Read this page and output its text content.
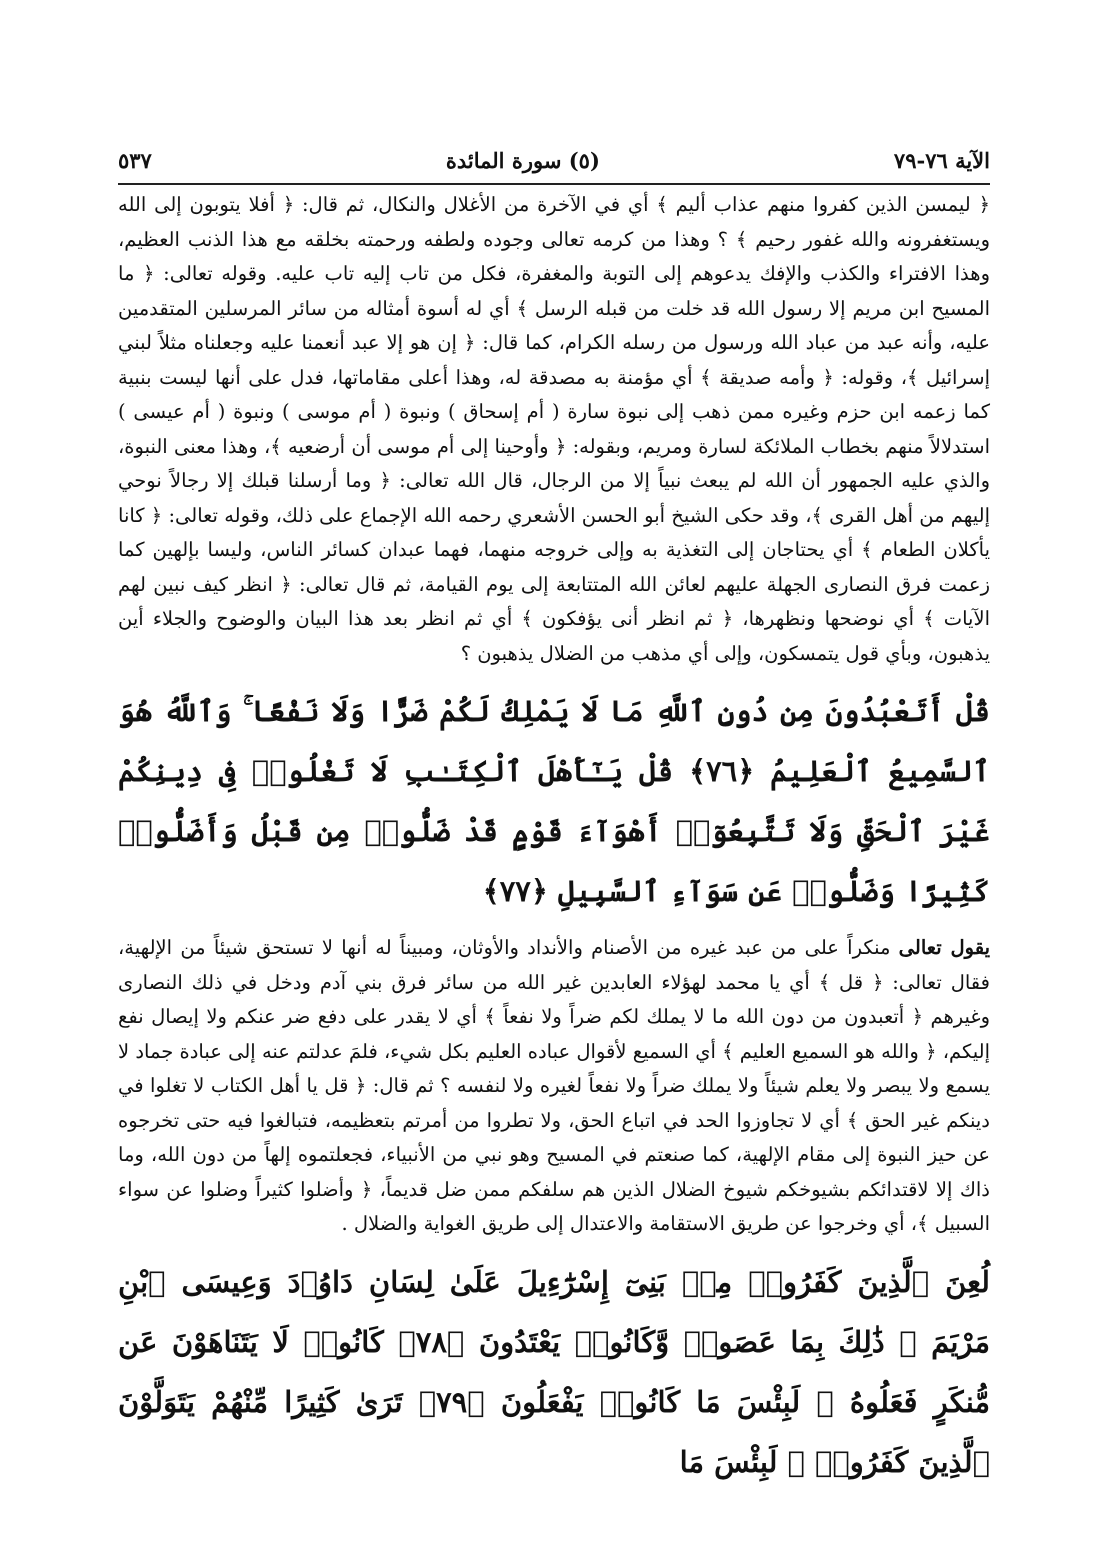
الآية ٧٦-٧٩
(٥) سورة المائدة
٥٣٧
﴿ ليمسن الذين كفروا منهم عذاب أليم ﴾ أي في الآخرة من الأغلال والنكال، ثم قال: ﴿ أفلا يتوبون إلى الله ويستغفرونه والله غفور رحيم ﴾ ؟ وهذا من كرمه تعالى وجوده ولطفه ورحمته بخلقه مع هذا الذنب العظيم، وهذا الافتراء والكذب والإفك يدعوهم إلى التوبة والمغفرة، فكل من تاب إليه تاب عليه. وقوله تعالى: ﴿ ما المسيح ابن مريم إلا رسول الله قد خلت من قبله الرسل ﴾ أي له أسوة أمثاله من سائر المرسلين المتقدمين عليه، وأنه عبد من عباد الله ورسول من رسله الكرام، كما قال: ﴿ إن هو إلا عبد أنعمنا عليه وجعلناه مثلاً لبني إسرائيل ﴾، وقوله: ﴿ وأمه صديقة ﴾ أي مؤمنة به مصدقة له، وهذا أعلى مقاماتها، فدل على أنها ليست بنبية كما زعمه ابن حزم وغيره ممن ذهب إلى نبوة سارة ( أم إسحاق ) ونبوة ( أم موسى ) ونبوة ( أم عيسى ) استدلالاً منهم بخطاب الملائكة لسارة ومريم، وبقوله: ﴿ وأوحينا إلى أم موسى أن أرضعيه ﴾، وهذا معنى النبوة، والذي عليه الجمهور أن الله لم يبعث نبياً إلا من الرجال، قال الله تعالى: ﴿ وما أرسلنا قبلك إلا رجالاً نوحي إليهم من أهل القرى ﴾، وقد حكى الشيخ أبو الحسن الأشعري رحمه الله الإجماع على ذلك، وقوله تعالى: ﴿ كانا يأكلان الطعام ﴾ أي يحتاجان إلى التغذية به وإلى خروجه منهما، فهما عبدان كسائر الناس، وليسا بإلهين كما زعمت فرق النصارى الجهلة عليهم لعائن الله المتتابعة إلى يوم القيامة، ثم قال تعالى: ﴿ انظر كيف نبين لهم الآيات ﴾ أي نوضحها ونظهرها، ﴿ ثم انظر أنى يؤفكون ﴾ أي ثم انظر بعد هذا البيان والوضوح والجلاء أين يذهبون، وبأي قول يتمسكون، وإلى أي مذهب من الضلال يذهبون ؟
قُلْ أَتَعْبُدُونَ مِن دُونِ ٱللَّهِ مَا لَا يَمْلِكُ لَكُمْ ضَرًّا وَلَا نَفْعًا ۚ وَٱللَّهُ هُوَ ٱلسَّمِيعُ ٱلْعَلِيمُ ﴿٧٦﴾ قُلْ يَـٰٓأَهْلَ ٱلْكِتَـٰبِ لَا تَغْلُوا۟ فِى دِينِكُمْ غَيْرَ ٱلْحَقِّ وَلَا تَتَّبِعُوٓا۟ أَهْوَآءَ قَوْمٍ قَدْ ضَلُّوا۟ مِن قَبْلُ وَأَضَلُّوا۟ كَثِيرًا وَضَلُّوا۟ عَن سَوَآءِ ٱلسَّبِيلِ ﴿٧٧﴾
يقول تعالى منكراً على من عبد غيره من الأصنام والأنداد والأوثان، ومبيناً له أنها لا تستحق شيئاً من الإلهية، فقال تعالى: ﴿ قل ﴾ أي يا محمد لهؤلاء العابدين غير الله من سائر فرق بني آدم ودخل في ذلك النصارى وغيرهم ﴿ أتعبدون من دون الله ما لا يملك لكم ضراً ولا نفعاً ﴾ أي لا يقدر على دفع ضر عنكم ولا إيصال نفع إليكم، ﴿ والله هو السميع العليم ﴾ أي السميع لأقوال عباده العليم بكل شيء، فلمَ عدلتم عنه إلى عبادة جماد لا يسمع ولا يبصر ولا يعلم شيئاً ولا يملك ضراً ولا نفعاً لغيره ولا لنفسه ؟ ثم قال: ﴿ قل يا أهل الكتاب لا تغلوا في دينكم غير الحق ﴾ أي لا تجاوزوا الحد في اتباع الحق، ولا تطروا من أمرتم بتعظيمه، فتبالغوا فيه حتى تخرجوه عن حيز النبوة إلى مقام الإلهية، كما صنعتم في المسيح وهو نبي من الأنبياء، فجعلتموه إلهاً من دون الله، وما ذاك إلا لاقتدائكم بشيوخكم شيوخ الضلال الذين هم سلفكم ممن ضل قديماً، ﴿ وأضلوا كثيراً وضلوا عن سواء السبيل ﴾، أي وخرجوا عن طريق الاستقامة والاعتدال إلى طريق الغواية والضلال .
لُعِنَ ٱلَّذِينَ كَفَرُوا۟ مِنۢ بَنِىٓ إِسْرَٰٓءِيلَ عَلَىٰ لِسَانِ دَاوُۥدَ وَعِيسَى ٱبْنِ مَرْيَمَ ۚ ذَٰلِكَ بِمَا عَصَوا۟ وَّكَانُوا۟ يَعْتَدُونَ ﴿٧٨﴾ كَانُوا۟ لَا يَتَنَاهَوْنَ عَن مُّنكَرٍ فَعَلُوهُ ۚ لَبِئْسَ مَا كَانُوا۟ يَفْعَلُونَ ﴿٧٩﴾ تَرَىٰ كَثِيرًا مِّنْهُمْ يَتَوَلَّوْنَ ٱلَّذِينَ كَفَرُوا۟ ۚ لَبِئْسَ مَا
